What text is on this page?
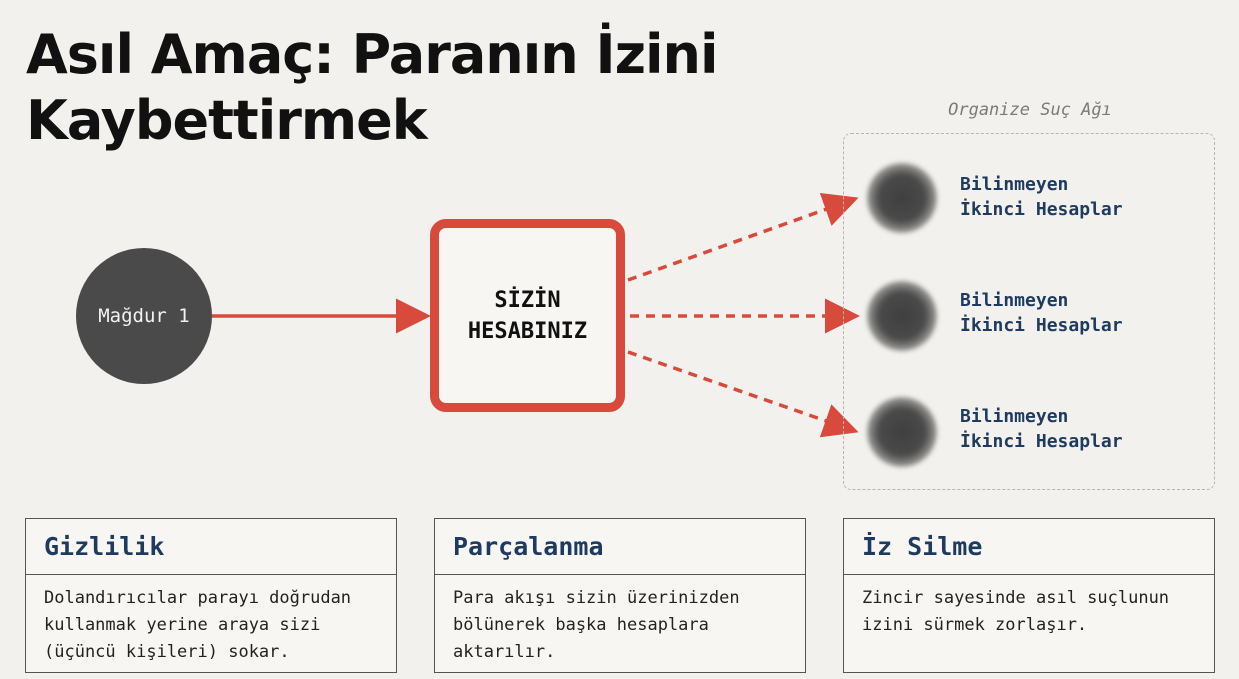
Asıl Amaç: Paranın İzini
Kaybettirmek	Organize Suç Ağı
Mağdur 1
SİZİN
HESABINIZ
Bilinmeyen
İkinci Hesaplar
Bilinmeyen
İkinci Hesaplar
Bilinmeyen
İkinci Hesaplar
Gizlilik
Dolandırıcılar parayı doğrudan kullanmak yerine araya sizi (üçüncü kişileri) sokar.
Parçalanma
Para akışı sizin üzerinizden bölünerek başka hesaplara aktarılır.
İz Silme
Zincir sayesinde asıl suçlunun izini sürmek zorlaşır.
